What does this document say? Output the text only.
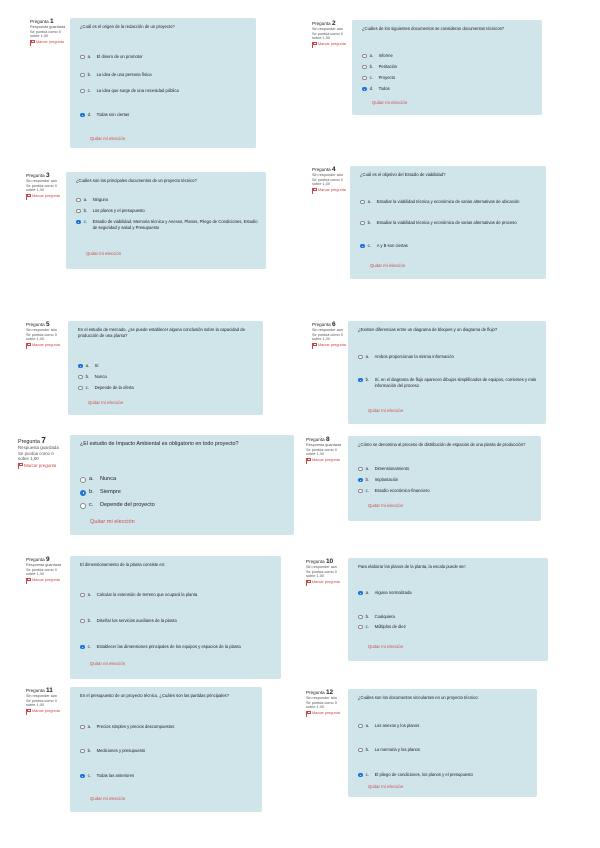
Pregunta 1
Respuesta guardada
Se puntúa como 0 sobre 1,00
Marcar pregunta
¿Cuál es el origen de la redacción de un proyecto?
a.	El dinero de un promotor
b.	La idea de una persona física
c.	La idea que surge de una necesidad pública
d.	Todas son ciertas
Quitar mi elección
Pregunta 2
Sin responder aún
Se puntúa como 0 sobre 1,00
Marcar pregunta
¿Cuáles de los siguientes documentos se consideran documentos técnicos?
a.	Informe
b.	Peritación
c.	Proyecto
d.	Todos
Quitar mi elección
Pregunta 3
Sin responder aún
Se puntúa como 0 sobre 1,00
Marcar pregunta
¿Cuáles son los principales documentos de un proyecto técnico?
a.	Ninguno
b.	Los planos y el presupuesto
c.	Estudio de viabilidad, Memoria técnica y Anexos, Planos, Pliego de Condiciones, Estudio de seguridad y salud y Presupuesto
Quitar mi elección
Pregunta 4
Sin responder aún
Se puntúa como 0 sobre 1,00
Marcar pregunta
¿Cuál es el objetivo del Estudio de viabilidad?
a.	Estudiar la viabilidad técnica y económica de varias alternativas de ubicación
b.	Estudiar la viabilidad técnica y económica de varias alternativas de proceso
c.	A y B son ciertas
Quitar mi elección
Pregunta 5
Sin responder aún
Se puntúa como 0 sobre 1,00
Marcar pregunta
En el estudio de mercado, ¿se puede establecer alguna conclusión sobre la capacidad de producción de una planta?
a.	Sí
b.	Nunca
c.	Depende de la oferta
Quitar mi elección
Pregunta 6
Sin responder aún
Se puntúa como 0 sobre 1,00
Marcar pregunta
¿Existen diferencias entre un diagrama de bloques y un diagrama de flujo?
a.	Ambos proporcionan la misma información
b.	Sí, en el diagrama de flujo aparecen dibujos simplificados de equipos, corrientes y más información del proceso
Quitar mi elección
Pregunta 7
Respuesta guardada
Se puntúa como 0 sobre 1,00
Marcar pregunta
¿El estudio de Impacto Ambiental es obligatorio en todo proyecto?
a.	Nunca
b.	Siempre
c.	Depende del proyecto
Quitar mi elección
Pregunta 8
Respuesta guardada
Se puntúa como 0 sobre 1,00
Marcar pregunta
¿Cómo se denomina al proceso de distribución de espacios de una planta de producción?
a.	Dimensionamiento
b.	Implantación
c.	Estudio económico-financiero
Quitar mi elección
Pregunta 9
Respuesta guardada
Se puntúa como 0 sobre 1,00
Marcar pregunta
El dimensionamiento de la planta consiste en:
a.	Calcular la extensión de terreno que ocupará la planta
b.	Diseñar los servicios auxiliares de la planta
c.	Establecer las dimensiones principales de los equipos y espacios de la planta
Quitar mi elección
Pregunta 10
Sin responder aún
Se puntúa como 0 sobre 1,00
Marcar pregunta
Para elaborar los planos de la planta, la escala puede ser:
a.	Alguna normalizada
b.	Cualquiera
c.	Múltiplos de diez
Quitar mi elección
Pregunta 11
Sin responder aún
Se puntúa como 0 sobre 1,00
Marcar pregunta
En el presupuesto de un proyecto técnico, ¿Cuáles son las partidas principales?
a.	Precios simples y precios descompuestos
b.	Mediciones y presupuesto
c.	Todas las anteriores
Quitar mi elección
Pregunta 12
Sin responder aún
Se puntúa como 0 sobre 1,00
Marcar pregunta
¿Cuáles son los documentos vinculantes en un proyecto técnico:
a.	Los anexos y los planos
b.	La memoria y los planos
c.	El pliego de condiciones, los planos y el presupuesto
Quitar mi elección
